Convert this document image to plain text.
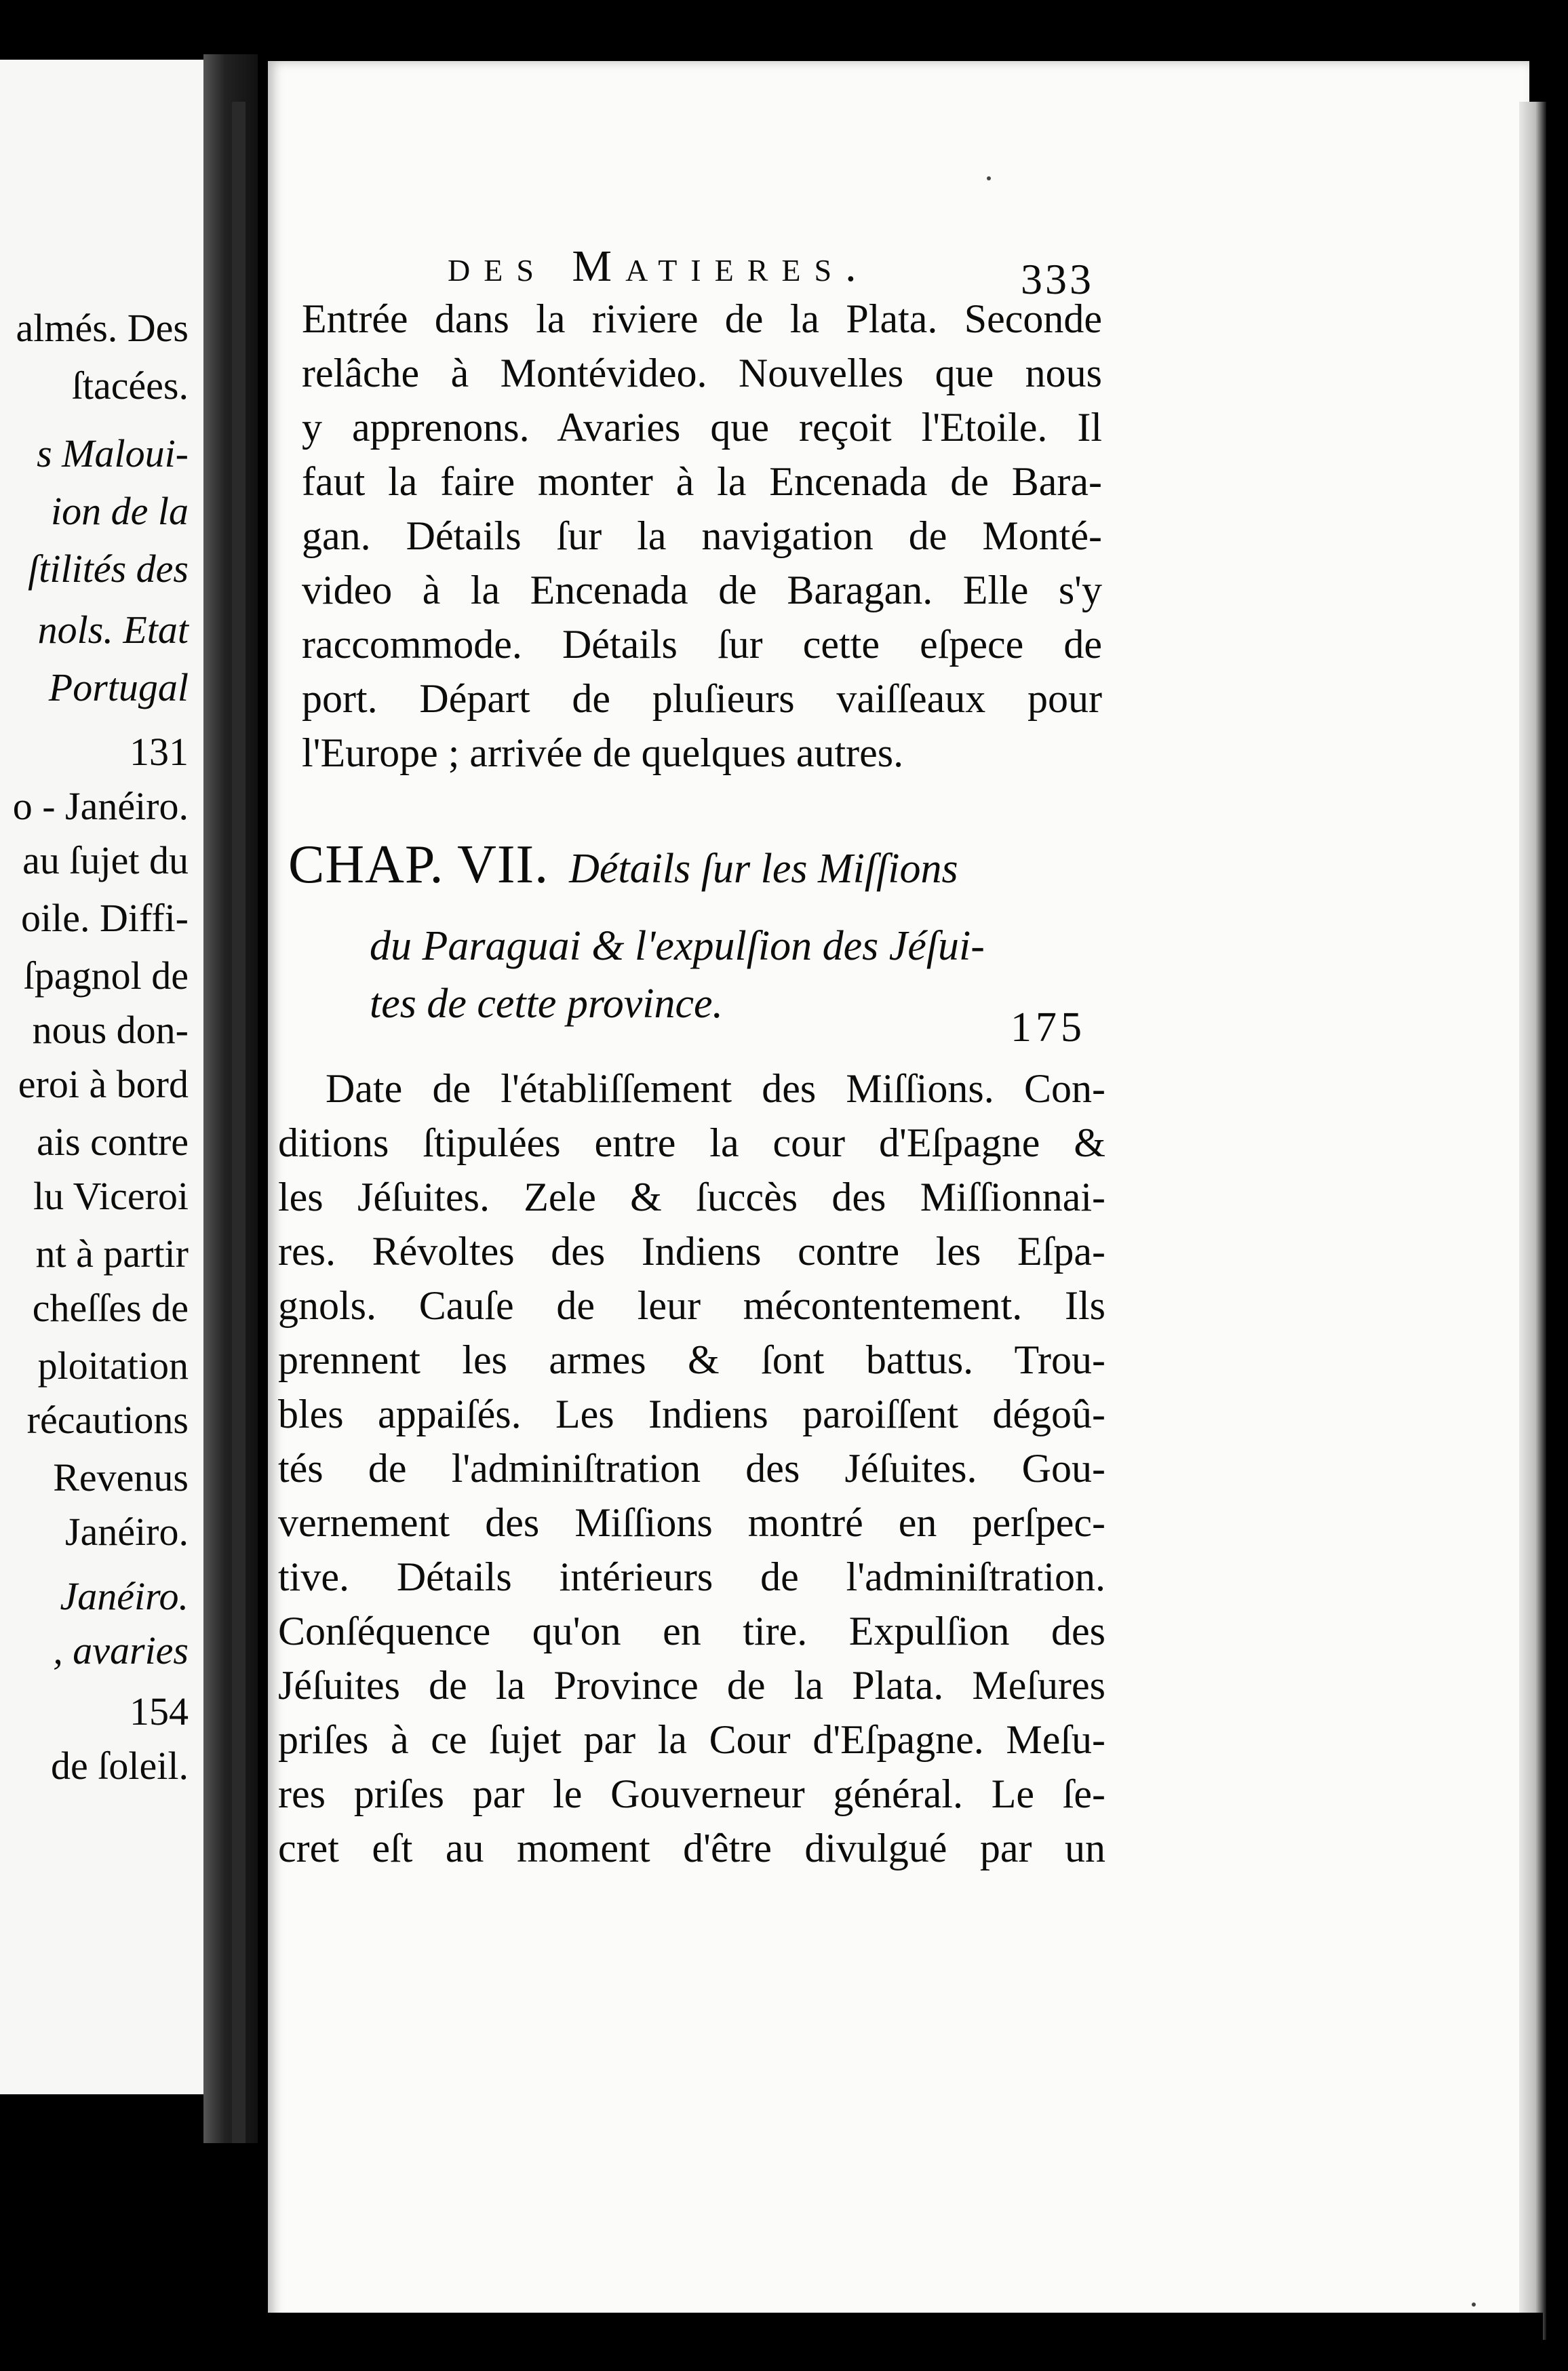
almés. Des
ſtacées.
s Maloui-
ion de la
ſtilités des
nols. Etat
Portugal
131
o - Janéiro.
au ſujet du
oile. Diffi-
ſpagnol de
nous don-
eroi à bord
ais contre
lu Viceroi
nt à partir
cheſſes de
ploitation
récautions
Revenus
Janéiro.
Janéiro.
, avaries
154
de ſoleil.
des Matieres.	333
Entrée dans la riviere de la Plata. Seconde
relâche à Montévideo. Nouvelles que nous
y apprenons. Avaries que reçoit l'Etoile. Il
faut la faire monter à la Encenada de Bara-
gan. Détails ſur la navigation de Monté-
video à la Encenada de Baragan. Elle s'y
raccommode. Détails ſur cette eſpece de
port. Départ de pluſieurs vaiſſeaux pour
l'Europe ; arrivée de quelques autres.
CHAP. VII. Détails ſur les Miſſions
du Paraguai & l'expulſion des Jéſui-
tes de cette province.
175
Date de l'établiſſement des Miſſions. Con-
ditions ſtipulées entre la cour d'Eſpagne &
les Jéſuites. Zele & ſuccès des Miſſionnai-
res. Révoltes des Indiens contre les Eſpa-
gnols. Cauſe de leur mécontentement. Ils
prennent les armes & ſont battus. Trou-
bles appaiſés. Les Indiens paroiſſent dégoû-
tés de l'adminiſtration des Jéſuites. Gou-
vernement des Miſſions montré en perſpec-
tive. Détails intérieurs de l'adminiſtration.
Conſéquence qu'on en tire. Expulſion des
Jéſuites de la Province de la Plata. Meſures
priſes à ce ſujet par la Cour d'Eſpagne. Meſu-
res priſes par le Gouverneur général. Le ſe-
cret eſt au moment d'être divulgué par un
